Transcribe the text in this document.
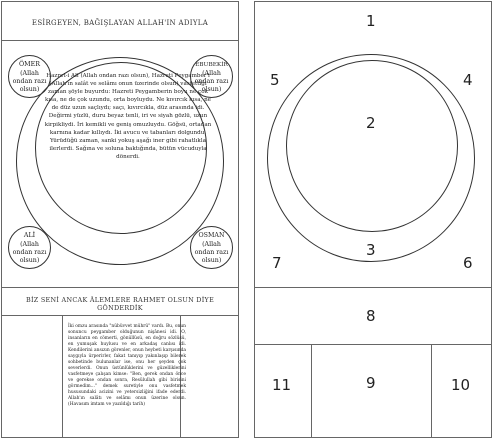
ESİRGEYEN, BAĞIŞLAYAN ALLAH'IN ADIYLA
ÖMER
(Allah ondan razı olsun)
EBUBEKİR
(Allah ondan razı olsun)
ALİ
(Allah ondan razı olsun)
OSMAN
(Allah ondan razı olsun)
Hazret-i Ali (Allah ondan razı olsun), Hazreti Peygamber'i (Allah'ın salât ve selâmı onun üzerinde olsun) vasfettiği zaman şöyle buyurdu: Hazreti Peygamberin boyu ne çok kısa, ne de çok uzundu, orta boyluydu. Ne kıvırcık kısa, ne de düz uzun saçlıydı; saçı, kıvırcıkla, düz arasında idi. Değirmi yüzlü, duru beyaz tenli, iri ve siyah gözlü, uzun kirpikliydi. İri kemikli ve geniş omuzluydu. Göğsü, ortadan karnına kadar kıllıydı. İki avucu ve tabanları dolgundu. Yürüdüğü zaman, sanki yokuş aşağı iner gibi rahatlıkla ilerlerdi. Sağına ve soluna baktığında, bütün vücuduyla dönerdi.
BİZ SENİ ANCAK ÂLEMLERE RAHMET OLSUN DİYE GÖNDERDİK
İki omzu arasında "nübüvvet mührü" vardı. Bu, onun sonuncu peygamber olduğunun nişânesi idi. O, insanların en cömerti, gönüllüsü, en doğru sözlüsü, en yumuşak huylusu ve en arkadaş canlısı idi. Kendilerini ansızın görenler, onun heybeti karşısında saygıyla ürperirler, fakat tanıyıp yakınlaşıp bilerek sohbetinde bulunanlar ise, onu her şeyden çok severlerdi. Onun üstünlüklerini ve güzelliklerini vasfetmeye çalışan kimse: "Ben, gerek ondan önce ve gerekse ondan sonra, Resûlullah gibi birisini görmedim..." demek suretiyle onu vasfetmek hususundaki acizini ve yetersizliğini ifade ederdi. Allah'ın salâtı ve selâmı onun üzerine olsun. (Havasım imtam ve yazıldığı tarih)
1
2
3
4
5
6
7
8
9	10
11
